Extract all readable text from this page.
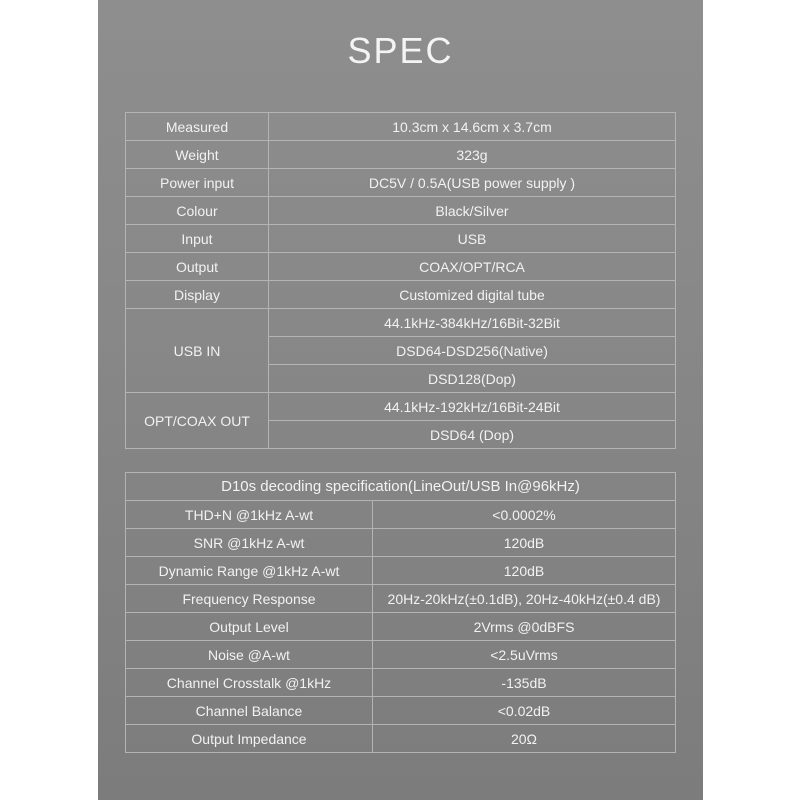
SPEC
Measured	10.3cm x 14.6cm x 3.7cm
Weight	323g
Power input	DC5V / 0.5A(USB power supply )
Colour	Black/Silver
Input	USB
Output	COAX/OPT/RCA
Display	Customized digital tube
USB IN	44.1kHz-384kHz/16Bit-32Bit
	DSD64-DSD256(Native)
	DSD128(Dop)
OPT/COAX OUT	44.1kHz-192kHz/16Bit-24Bit
	DSD64 (Dop)
D10s decoding specification(LineOut/USB In@96kHz)	
THD+N @1kHz A-wt	<0.0002%
SNR @1kHz A-wt	120dB
Dynamic Range @1kHz A-wt	120dB
Frequency Response	20Hz-20kHz(±0.1dB), 20Hz-40kHz(±0.4 dB)
Output Level	2Vrms @0dBFS
Noise @A-wt	<2.5uVrms
Channel Crosstalk @1kHz	-135dB
Channel Balance	<0.02dB
Output Impedance	20Ω
